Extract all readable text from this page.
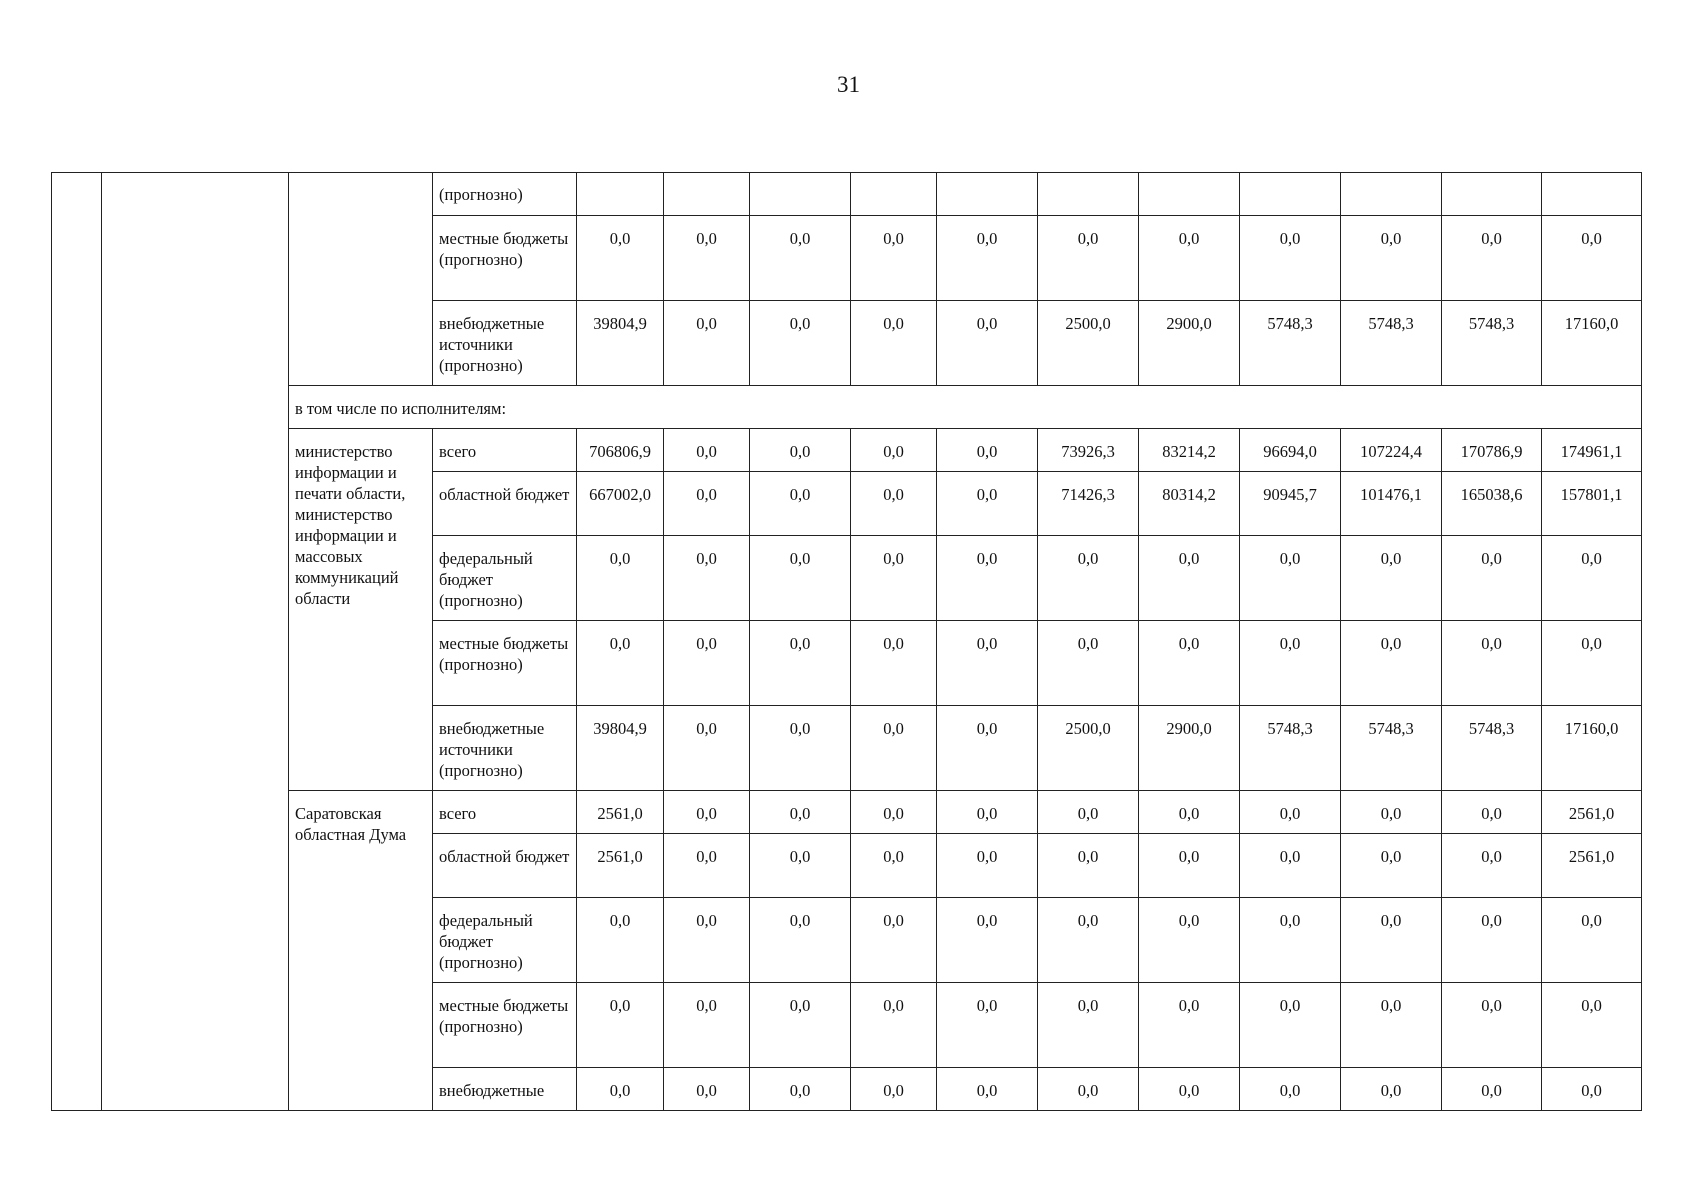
31
			(прогнозно)											
			местные бюджеты (прогнозно)	0,0	0,0	0,0	0,0	0,0	0,0	0,0	0,0	0,0	0,0	0,0
			внебюджетные источники (прогнозно)	39804,9	0,0	0,0	0,0	0,0	2500,0	2900,0	5748,3	5748,3	5748,3	17160,0
		в том числе по исполнителям:												
		министерство информации и печати области, министерство информации и массовых коммуникаций области	всего	706806,9	0,0	0,0	0,0	0,0	73926,3	83214,2	96694,0	107224,4	170786,9	174961,1
			областной бюджет	667002,0	0,0	0,0	0,0	0,0	71426,3	80314,2	90945,7	101476,1	165038,6	157801,1
			федеральный бюджет (прогнозно)	0,0	0,0	0,0	0,0	0,0	0,0	0,0	0,0	0,0	0,0	0,0
			местные бюджеты (прогнозно)	0,0	0,0	0,0	0,0	0,0	0,0	0,0	0,0	0,0	0,0	0,0
			внебюджетные источники (прогнозно)	39804,9	0,0	0,0	0,0	0,0	2500,0	2900,0	5748,3	5748,3	5748,3	17160,0
		Саратовская областная Дума	всего	2561,0	0,0	0,0	0,0	0,0	0,0	0,0	0,0	0,0	0,0	2561,0
			областной бюджет	2561,0	0,0	0,0	0,0	0,0	0,0	0,0	0,0	0,0	0,0	2561,0
			федеральный бюджет (прогнозно)	0,0	0,0	0,0	0,0	0,0	0,0	0,0	0,0	0,0	0,0	0,0
			местные бюджеты (прогнозно)	0,0	0,0	0,0	0,0	0,0	0,0	0,0	0,0	0,0	0,0	0,0
			внебюджетные	0,0	0,0	0,0	0,0	0,0	0,0	0,0	0,0	0,0	0,0	0,0
